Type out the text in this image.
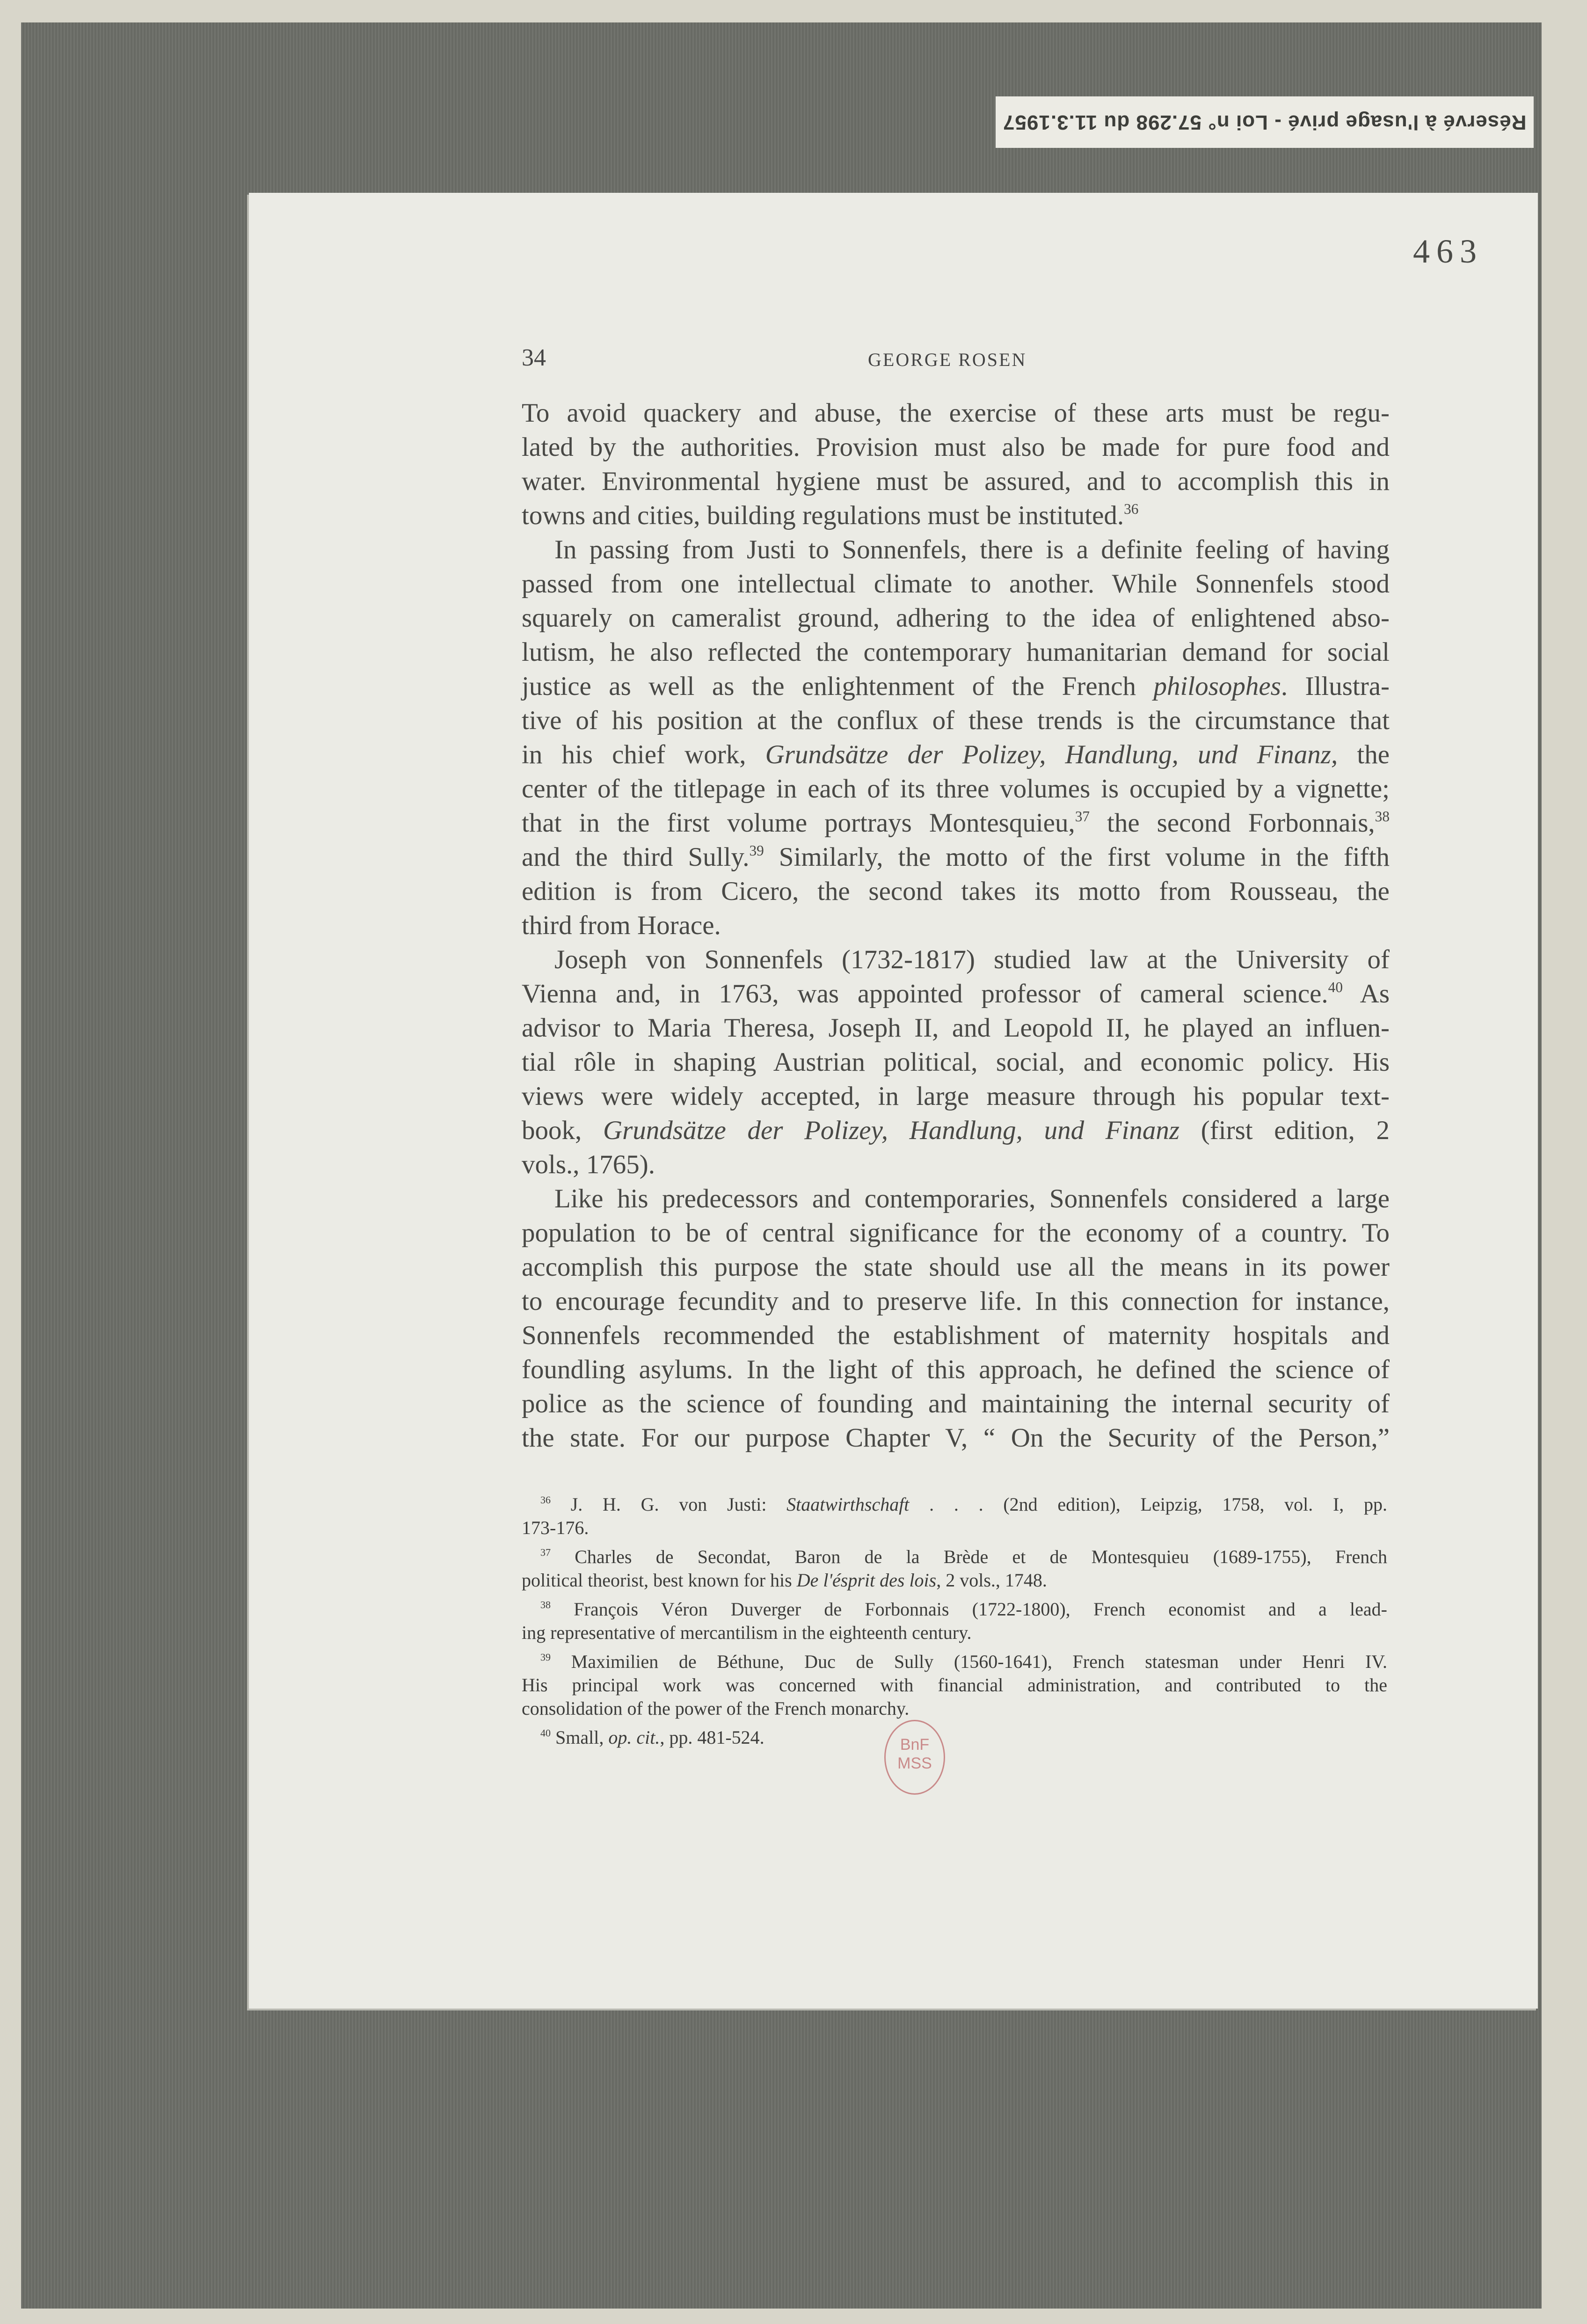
Réservé à l'usage privé - Loi n° 57.298 du 11.3.1957
463
34	GEORGE ROSEN
To avoid quackery and abuse, the exercise of these arts must be regu-
lated by the authorities. Provision must also be made for pure food and
water. Environmental hygiene must be assured, and to accomplish this in
towns and cities, building regulations must be instituted.$^{36}$
In passing from Justi to Sonnenfels, there is a definite feeling of having
passed from one intellectual climate to another. While Sonnenfels stood
squarely on cameralist ground, adhering to the idea of enlightened abso-
lutism, he also reflected the contemporary humanitarian demand for social
justice as well as the enlightenment of the French philosophes. Illustra-
tive of his position at the conflux of these trends is the circumstance that
in his chief work, Grundsätze der Polizey, Handlung, und Finanz, the
center of the titlepage in each of its three volumes is occupied by a vignette;
that in the first volume portrays Montesquieu,$^{37}$ the second Forbonnais,$^{38}$
and the third Sully.$^{39}$ Similarly, the motto of the first volume in the fifth
edition is from Cicero, the second takes its motto from Rousseau, the
third from Horace.
Joseph von Sonnenfels (1732-1817) studied law at the University of
Vienna and, in 1763, was appointed professor of cameral science.$^{40}$ As
advisor to Maria Theresa, Joseph II, and Leopold II, he played an influen-
tial rôle in shaping Austrian political, social, and economic policy. His
views were widely accepted, in large measure through his popular text-
book, Grundsätze der Polizey, Handlung, und Finanz (first edition, 2
vols., 1765).
Like his predecessors and contemporaries, Sonnenfels considered a large
population to be of central significance for the economy of a country. To
accomplish this purpose the state should use all the means in its power
to encourage fecundity and to preserve life. In this connection for instance,
Sonnenfels recommended the establishment of maternity hospitals and
foundling asylums. In the light of this approach, he defined the science of
police as the science of founding and maintaining the internal security of
the state. For our purpose Chapter V, “ On the Security of the Person,”
$^{36}$ J. H. G. von Justi: Staatwirthschaft . . . (2nd edition), Leipzig, 1758, vol. I, pp.
173-176.
$^{37}$ Charles de Secondat, Baron de la Brède et de Montesquieu (1689-1755), French
political theorist, best known for his De l'ésprit des lois, 2 vols., 1748.
$^{38}$ François Véron Duverger de Forbonnais (1722-1800), French economist and a lead-
ing representative of mercantilism in the eighteenth century.
$^{39}$ Maximilien de Béthune, Duc de Sully (1560-1641), French statesman under Henri IV.
His principal work was concerned with financial administration, and contributed to the
consolidation of the power of the French monarchy.
$^{40}$ Small, op. cit., pp. 481-524.	BnF
MSS
